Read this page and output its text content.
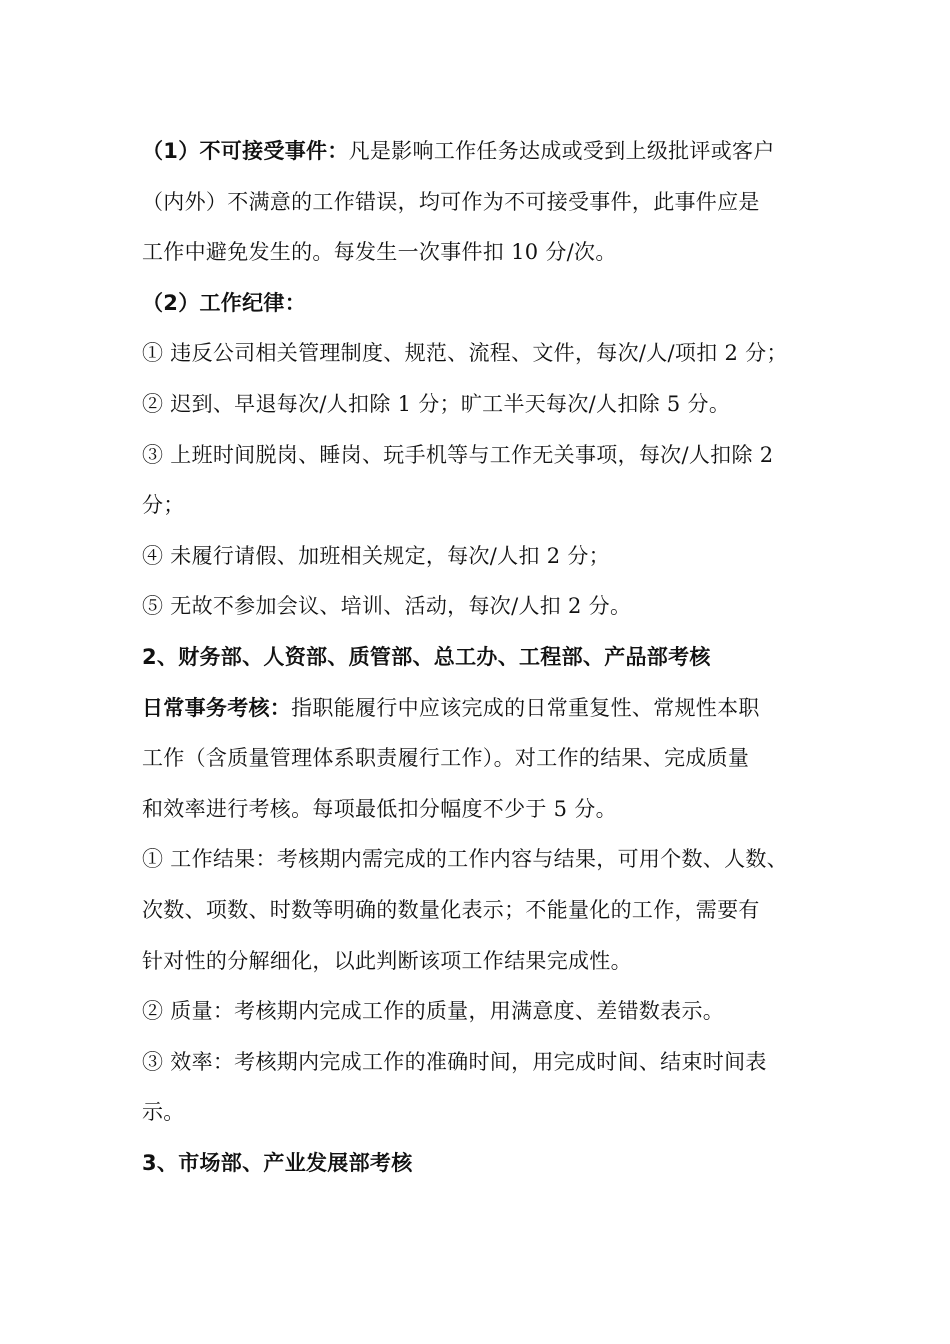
（1）不可接受事件：凡是影响工作任务达成或受到上级批评或客户
（内外）不满意的工作错误，均可作为不可接受事件，此事件应是
工作中避免发生的。每发生一次事件扣 10 分/次。
（2）工作纪律：
① 违反公司相关管理制度、规范、流程、文件，每次/人/项扣 2 分；
② 迟到、早退每次/人扣除 1 分；旷工半天每次/人扣除 5 分。
③ 上班时间脱岗、睡岗、玩手机等与工作无关事项，每次/人扣除 2
分；
④ 未履行请假、加班相关规定，每次/人扣 2 分；
⑤ 无故不参加会议、培训、活动，每次/人扣 2 分。
2、财务部、人资部、质管部、总工办、工程部、产品部考核
日常事务考核：指职能履行中应该完成的日常重复性、常规性本职
工作（含质量管理体系职责履行工作）。对工作的结果、完成质量
和效率进行考核。每项最低扣分幅度不少于 5 分。
① 工作结果：考核期内需完成的工作内容与结果，可用个数、人数、
次数、项数、时数等明确的数量化表示；不能量化的工作，需要有
针对性的分解细化，以此判断该项工作结果完成性。
② 质量：考核期内完成工作的质量，用满意度、差错数表示。
③ 效率：考核期内完成工作的准确时间，用完成时间、结束时间表
示。
3、市场部、产业发展部考核
